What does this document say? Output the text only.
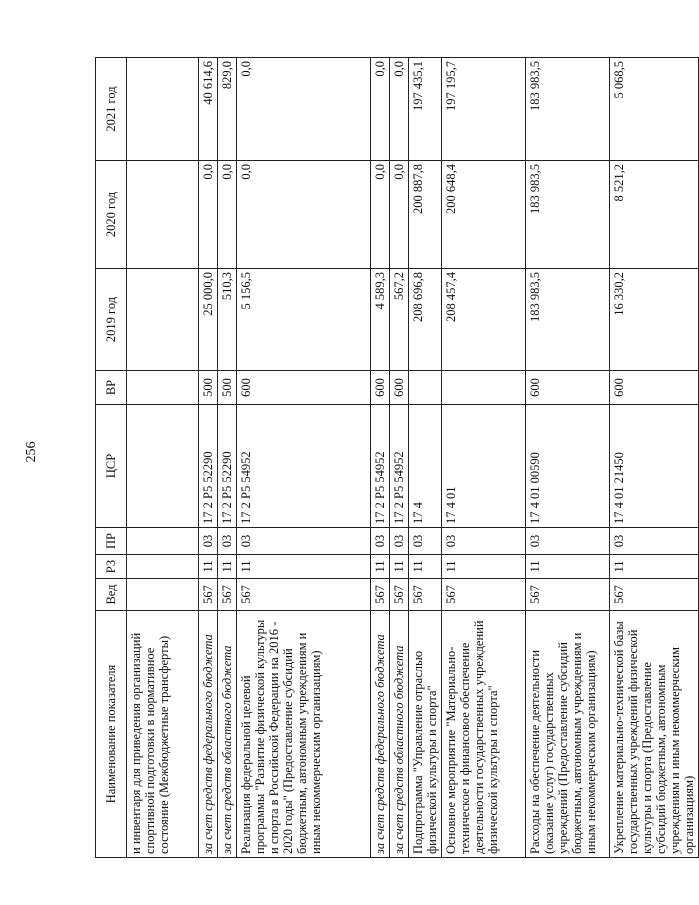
256
Наименование показателя	Вед	РЗ	ПР	ЦСР	ВР	2019 год	2020 год	2021 год
и инвентаря для приведения организаций спортивной подготовки в нормативное состояние (Межбюджетные трансферты)								
за счет средств федерального бюджета	567	11	03	17 2 P5 52290	500	25 000,0	0,0	40 614,6
за счет средств областного бюджета	567	11	03	17 2 P5 52290	500	510,3	0,0	829,0
Реализация федеральной целевой программы "Развитие физической культуры и спорта в Российской Федерации на 2016 - 2020 годы" (Предоставление субсидий бюджетным, автономным учреждениям и иным некоммерческим организациям)	567	11	03	17 2 P5 54952	600	5 156,5	0,0	0,0
за счет средств федерального бюджета	567	11	03	17 2 P5 54952	600	4 589,3	0,0	0,0
за счет средств областного бюджета	567	11	03	17 2 P5 54952	600	567,2	0,0	0,0
Подпрограмма "Управление отраслью физической культуры и спорта"	567	11	03	17 4		208 696,8	200 887,8	197 435,1
Основное мероприятие "Материально-техническое и финансовое обеспечение деятельности государственных учреждений физической культуры и спорта"	567	11	03	17 4 01		208 457,4	200 648,4	197 195,7
Расходы на обеспечение деятельности (оказание услуг) государственных учреждений (Предоставление субсидий бюджетным, автономным учреждениям и иным некоммерческим организациям)	567	11	03	17 4 01 00590	600	183 983,5	183 983,5	183 983,5
Укрепление материально-технической базы государственных учреждений физической культуры и спорта (Предоставление субсидий бюджетным, автономным учреждениям и иным некоммерческим организациям)	567	11	03	17 4 01 21450	600	16 330,2	8 521,2	5 068,5
